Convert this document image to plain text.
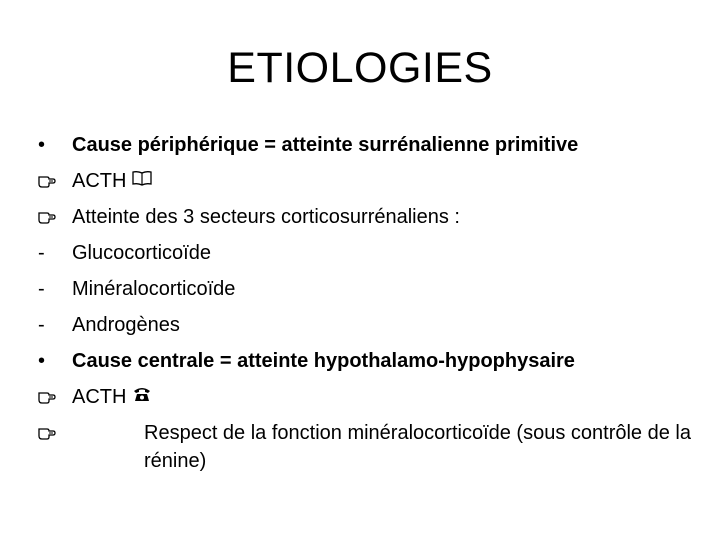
ETIOLOGIES
•	Cause périphérique = atteinte surrénalienne primitive
ACTH
Atteinte des 3 secteurs corticosurrénaliens :
-	Glucocorticoïde
-	Minéralocorticoïde
-	Androgènes
•	Cause centrale = atteinte hypothalamo-hypophysaire
ACTH
Respect de la fonction minéralocorticoïde (sous contrôle de la rénine)
